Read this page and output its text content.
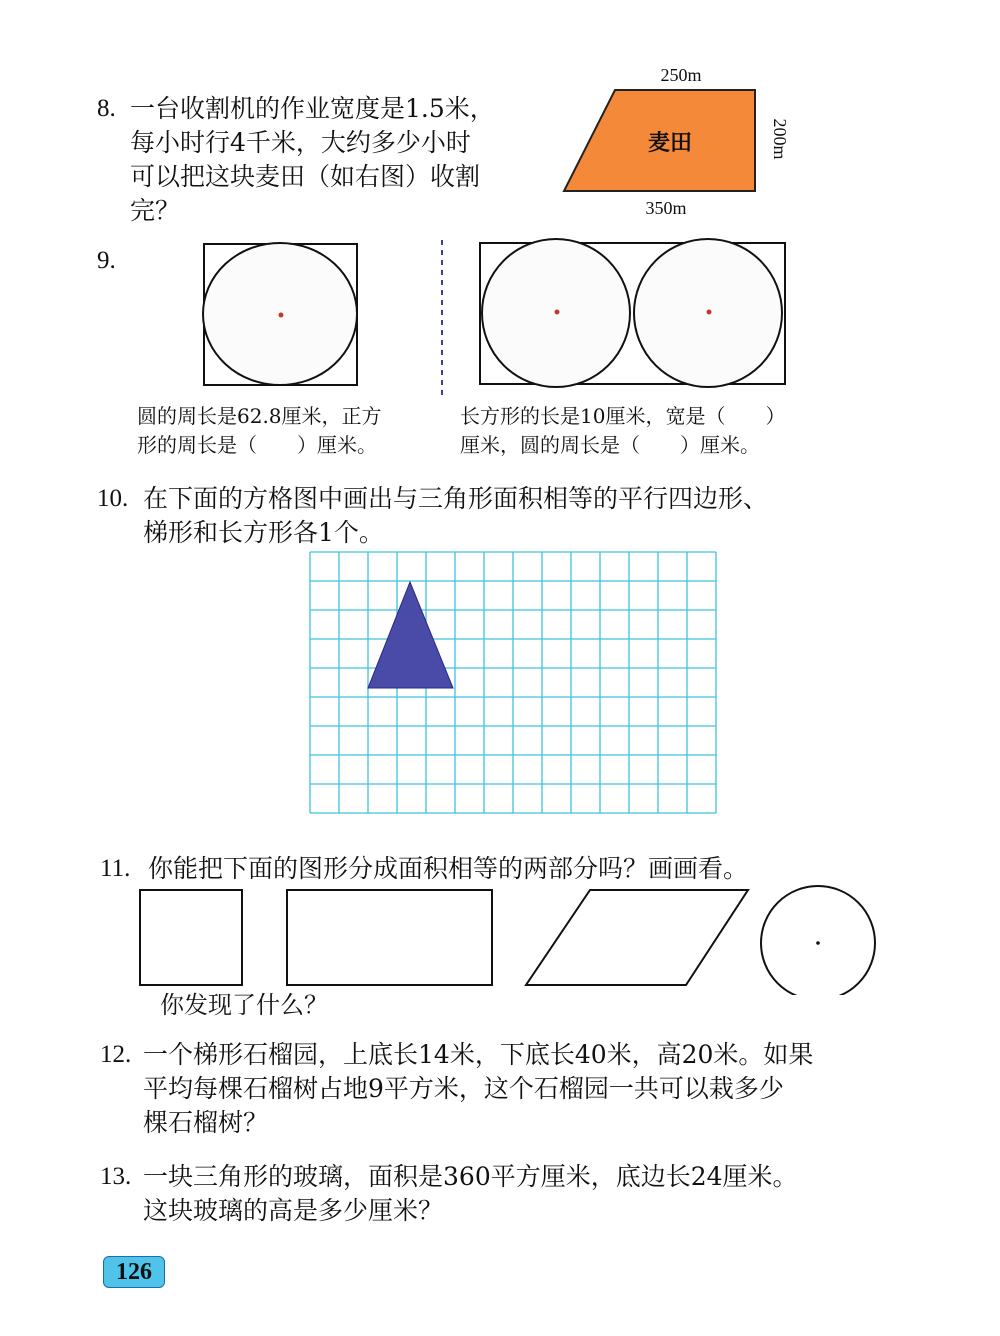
8. 一台收割机的作业宽度是1.5米，
每小时行4千米，大约多少小时
可以把这块麦田（如右图）收割
完？
麦田
250m
350m
200m
9.
圆的周长是62.8厘米，正方
形的周长是（　　）厘米。
长方形的长是10厘米，宽是（　　）
厘米，圆的周长是（　　）厘米。
10. 在下面的方格图中画出与三角形面积相等的平行四边形、
梯形和长方形各1个。
11. 你能把下面的图形分成面积相等的两部分吗？画画看。
你发现了什么？
12. 一个梯形石榴园，上底长14米，下底长40米，高20米。如果
平均每棵石榴树占地9平方米，这个石榴园一共可以栽多少
棵石榴树？
13. 一块三角形的玻璃，面积是360平方厘米，底边长24厘米。
这块玻璃的高是多少厘米？
126
